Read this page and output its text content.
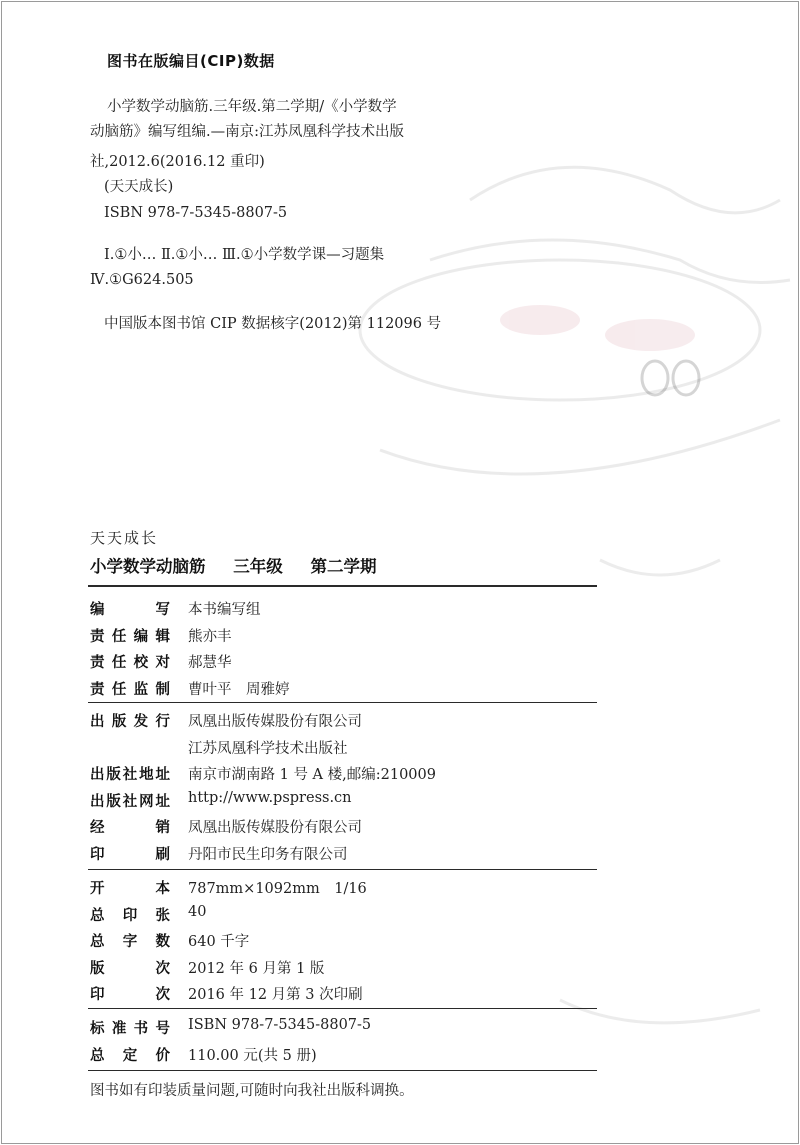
图书在版编目(CIP)数据
小学数学动脑筋.三年级.第二学期/《小学数学
动脑筋》编写组编.—南京:江苏凤凰科学技术出版
社,2012.6(2016.12 重印)
(天天成长)
ISBN 978-7-5345-8807-5
Ⅰ.①小… Ⅱ.①小… Ⅲ.①小学数学课—习题集
Ⅳ.①G624.505
中国版本图书馆 CIP 数据核字(2012)第 112096 号
天天成长
小学数学动脑筋 三年级 第二学期
编	写 本书编写组
责 任 编 辑 熊亦丰
责 任 校 对 郝慧华
责 任 监 制 曹叶平　周雅婷
出 版 发 行 凤凰出版传媒股份有限公司
江苏凤凰科学技术出版社
出 版 社 地 址 南京市湖南路 1 号 A 楼,邮编:210009
出 版 社 网 址 http://www.pspress.cn
经	销 凤凰出版传媒股份有限公司
印	刷 丹阳市民生印务有限公司
开	本 787mm×1092mm　1/16
总 印 张 40
总 字 数 640 千字
版	次 2012 年 6 月第 1 版
印	次 2016 年 12 月第 3 次印刷
标 准 书 号 ISBN 978-7-5345-8807-5
总 定 价 110.00 元(共 5 册)
图书如有印装质量问题,可随时向我社出版科调换。
